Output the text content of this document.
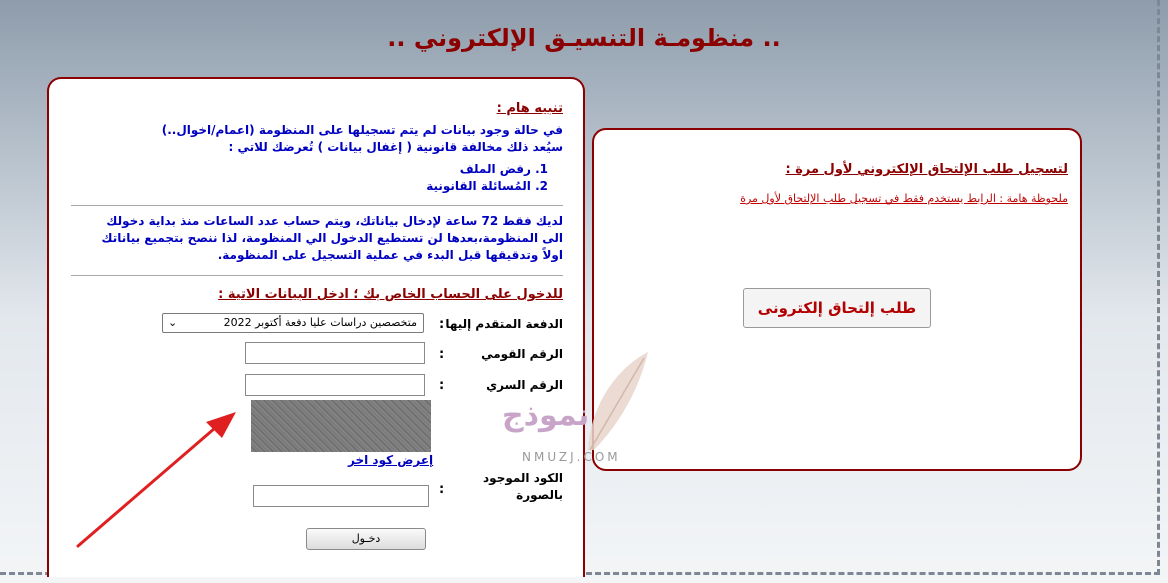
.. منظومـة التنسيـق الإلكتروني ..
تنبيه هام :
في حالة وجود بيانات لم يتم تسجيلها على المنظومة (اعمام/اخوال..)
سيُعد ذلك مخالفة قانونية ( إغفال بيانات ) تُعرضك للاتي :
1. رفض الملف
2. المُسائلة القانونية
لديك فقط 72 ساعة لإدخال بياناتك، ويتم حساب عدد الساعات منذ بداية دخولك الى المنظومة،بعدها لن تستطيع الدخول الي المنظومة، لذا ننصح بتجميع بياناتك اولاً وتدقيقها قبل البدء في عملية التسجيل على المنظومة.
للدخول على الحساب الخاص بك ؛ ادخل البيانات الاتية :
الدفعة المتقدم إليها
:
متخصصين دراسات عليا دفعة أكتوبر 2022
⌄
الرقم القومي
:
الرقم السري
:
إعرض كود اخر
الكود الموجود
بالصورة
:
دخـول
لتسجيل طلب الإلتحاق الإلكتروني لأول مرة :
ملحوظة هامة : الرابط يستخدم فقط في تسجيل طلب الإلتحاق لأول مرة
طلب إلتحاق إلكترونى
نموذج
NMUZJ.COM
